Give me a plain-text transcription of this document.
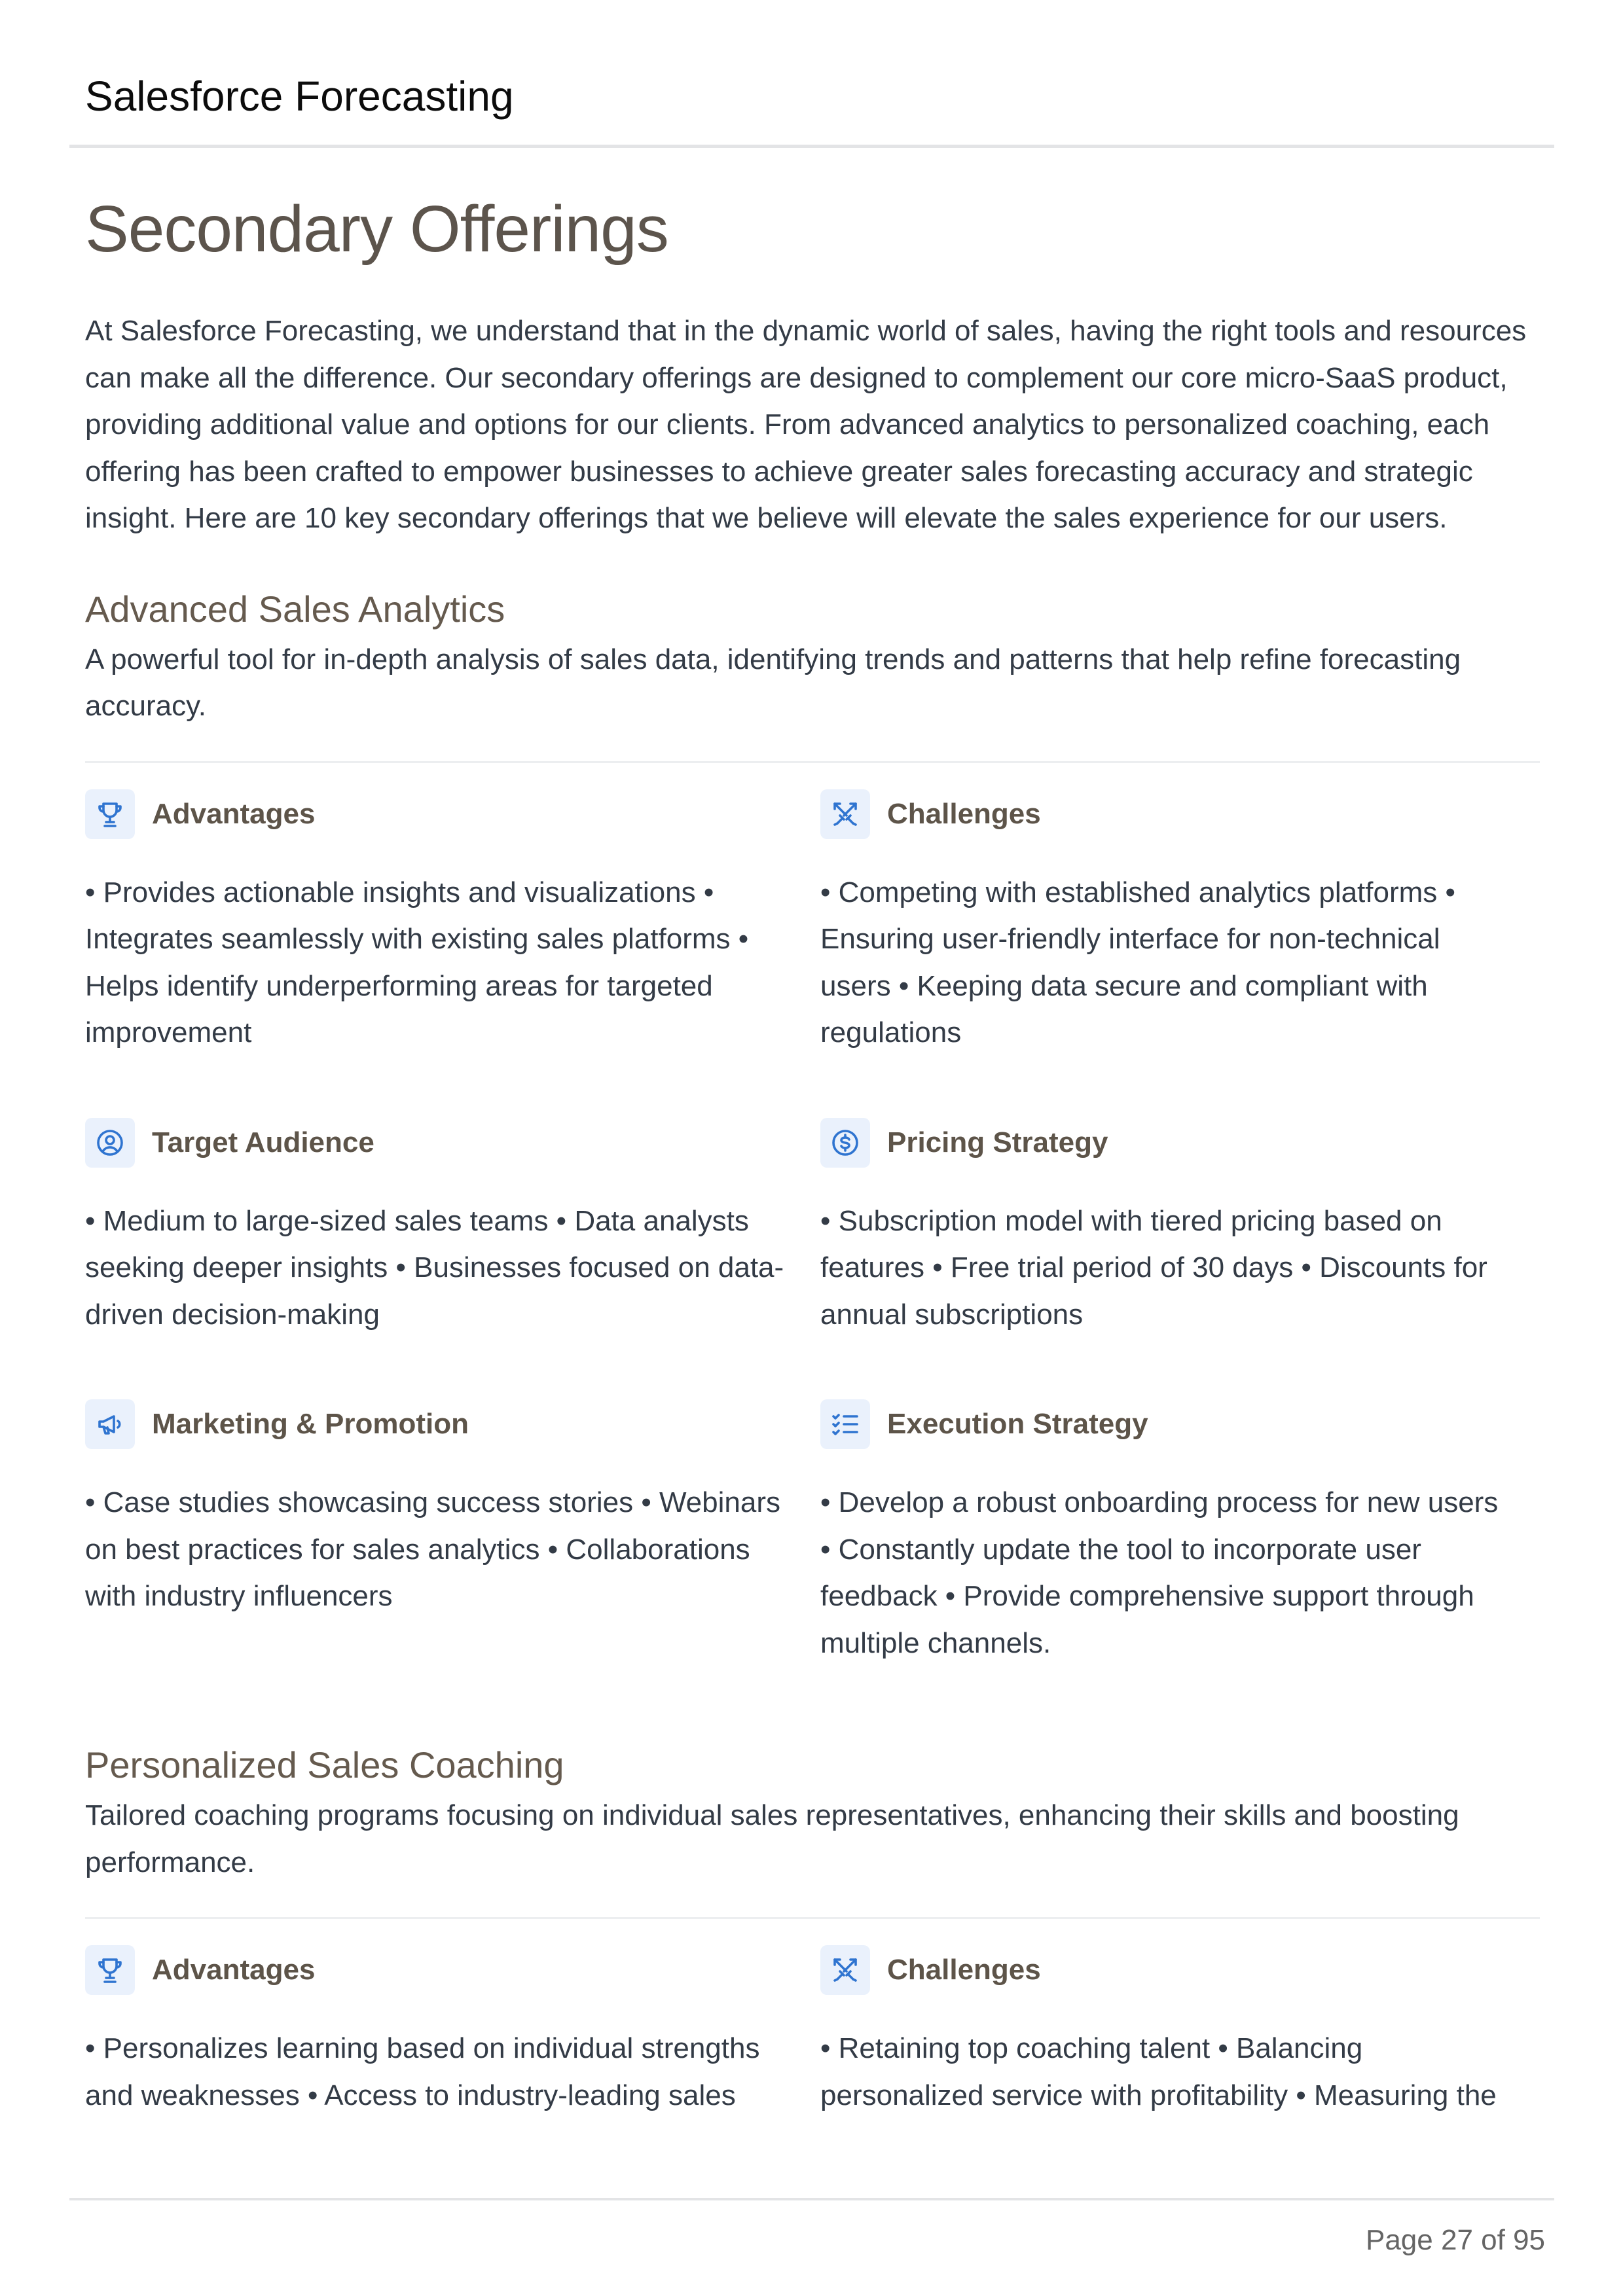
Salesforce Forecasting
Secondary Offerings

At Salesforce Forecasting, we understand that in the dynamic world of sales, having the right tools and resources can make all the difference. Our secondary offerings are designed to complement our core micro-SaaS product, providing additional value and options for our clients. From advanced analytics to personalized coaching, each offering has been crafted to empower businesses to achieve greater sales forecasting accuracy and strategic insight. Here are 10 key secondary offerings that we believe will elevate the sales experience for our users.

Advanced Sales Analytics

A powerful tool for in-depth analysis of sales data, identifying trends and patterns that help refine forecasting accuracy.

Advantages

• Provides actionable insights and visualizations • Integrates seamlessly with existing sales platforms • Helps identify underperforming areas for targeted improvement

Challenges

• Competing with established analytics platforms • Ensuring user-friendly interface for non-technical users • Keeping data secure and compliant with regulations

Target Audience

• Medium to large-sized sales teams • Data analysts seeking deeper insights • Businesses focused on data-driven decision-making

Pricing Strategy

• Subscription model with tiered pricing based on features • Free trial period of 30 days • Discounts for annual subscriptions

Marketing & Promotion

• Case studies showcasing success stories • Webinars on best practices for sales analytics • Collaborations with industry influencers

Execution Strategy

• Develop a robust onboarding process for new users • Constantly update the tool to incorporate user feedback • Provide comprehensive support through multiple channels.

Personalized Sales Coaching

Tailored coaching programs focusing on individual sales representatives, enhancing their skills and boosting performance.

Advantages

• Personalizes learning based on individual strengths and weaknesses • Access to industry-leading sales

Challenges

• Retaining top coaching talent • Balancing personalized service with profitability • Measuring the

Page 27 of 95
